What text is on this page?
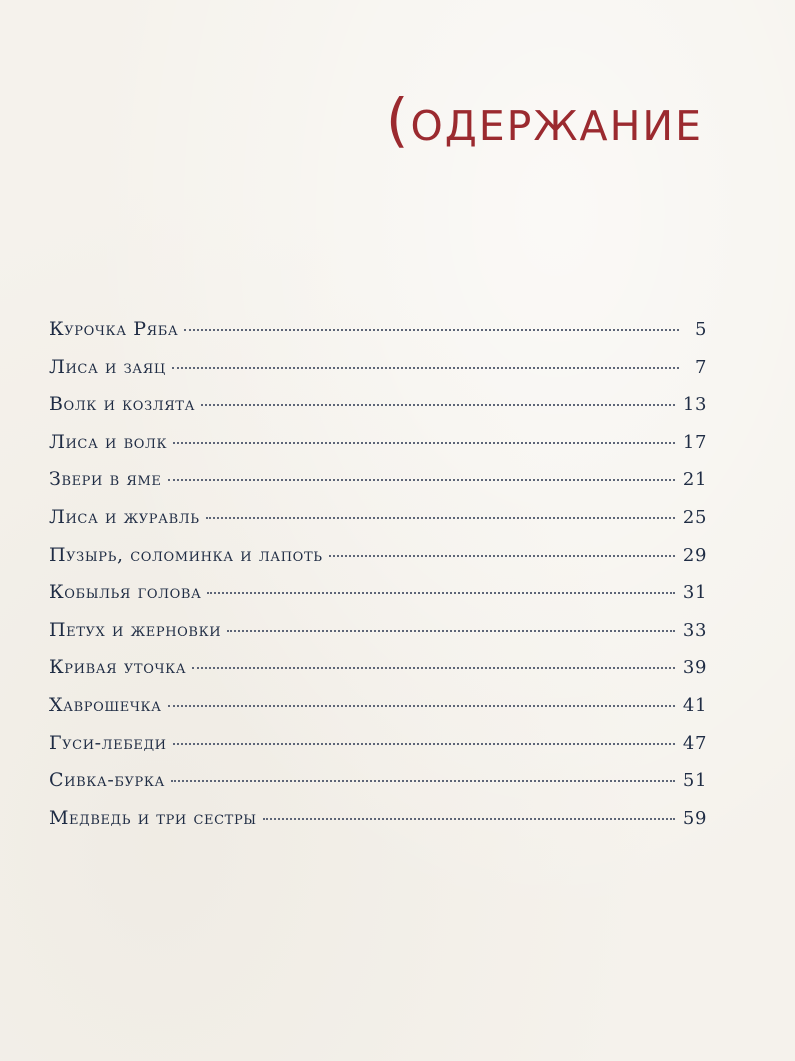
(одержание
Курочка Ряба	5
Лиса и заяц	7
Волк и козлята	13
Лиса и волк	17
Звери в яме	21
Лиса и журавль	25
Пузырь, соломинка и лапоть	29
Кобылья голова	31
Петух и жерновки	33
Кривая уточка	39
Хаврошечка	41
Гуси-лебеди	47
Сивка-бурка	51
Медведь и три сестры	59
